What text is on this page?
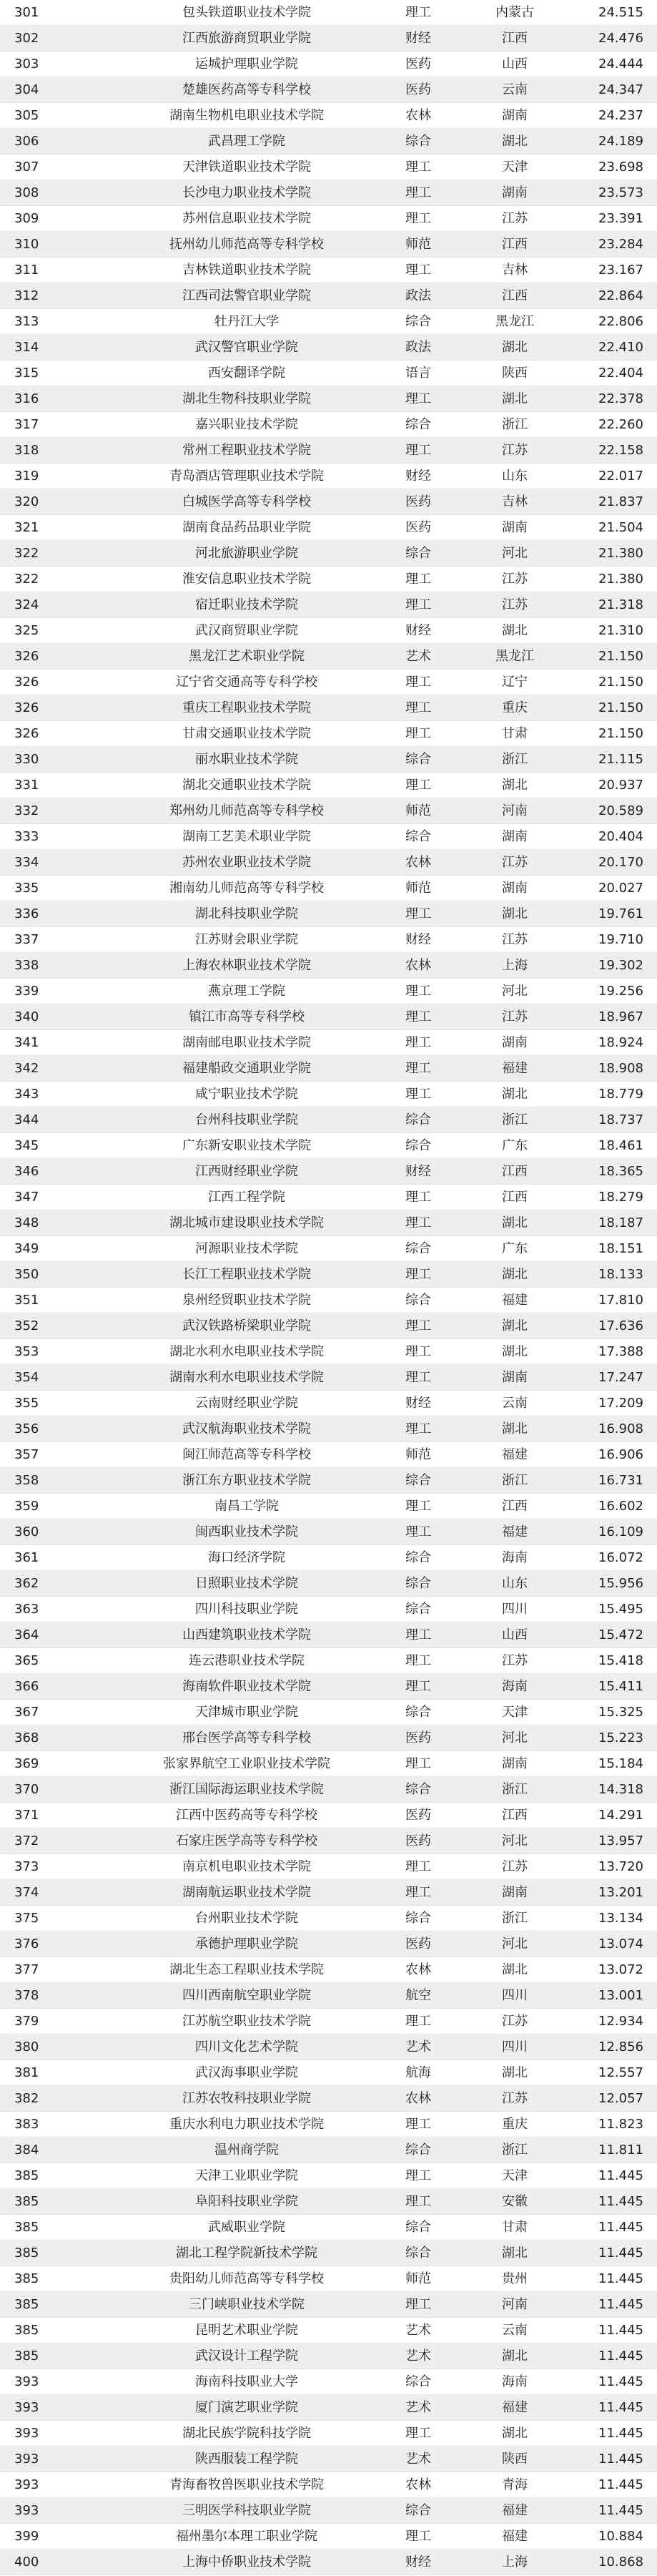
301	包头铁道职业技术学院	理工	内蒙古	24.515
302	江西旅游商贸职业学院	财经	江西	24.476
303	运城护理职业学院	医药	山西	24.444
304	楚雄医药高等专科学校	医药	云南	24.347
305	湖南生物机电职业技术学院	农林	湖南	24.237
306	武昌理工学院	综合	湖北	24.189
307	天津铁道职业技术学院	理工	天津	23.698
308	长沙电力职业技术学院	理工	湖南	23.573
309	苏州信息职业技术学院	理工	江苏	23.391
310	抚州幼儿师范高等专科学校	师范	江西	23.284
311	吉林铁道职业技术学院	理工	吉林	23.167
312	江西司法警官职业学院	政法	江西	22.864
313	牡丹江大学	综合	黑龙江	22.806
314	武汉警官职业学院	政法	湖北	22.410
315	西安翻译学院	语言	陕西	22.404
316	湖北生物科技职业学院	理工	湖北	22.378
317	嘉兴职业技术学院	综合	浙江	22.260
318	常州工程职业技术学院	理工	江苏	22.158
319	青岛酒店管理职业技术学院	财经	山东	22.017
320	白城医学高等专科学校	医药	吉林	21.837
321	湖南食品药品职业学院	医药	湖南	21.504
322	河北旅游职业学院	综合	河北	21.380
322	淮安信息职业技术学院	理工	江苏	21.380
324	宿迁职业技术学院	理工	江苏	21.318
325	武汉商贸职业学院	财经	湖北	21.310
326	黑龙江艺术职业学院	艺术	黑龙江	21.150
326	辽宁省交通高等专科学校	理工	辽宁	21.150
326	重庆工程职业技术学院	理工	重庆	21.150
326	甘肃交通职业技术学院	理工	甘肃	21.150
330	丽水职业技术学院	综合	浙江	21.115
331	湖北交通职业技术学院	理工	湖北	20.937
332	郑州幼儿师范高等专科学校	师范	河南	20.589
333	湖南工艺美术职业学院	综合	湖南	20.404
334	苏州农业职业技术学院	农林	江苏	20.170
335	湘南幼儿师范高等专科学校	师范	湖南	20.027
336	湖北科技职业学院	理工	湖北	19.761
337	江苏财会职业学院	财经	江苏	19.710
338	上海农林职业技术学院	农林	上海	19.302
339	燕京理工学院	理工	河北	19.256
340	镇江市高等专科学校	理工	江苏	18.967
341	湖南邮电职业技术学院	理工	湖南	18.924
342	福建船政交通职业学院	理工	福建	18.908
343	咸宁职业技术学院	理工	湖北	18.779
344	台州科技职业学院	综合	浙江	18.737
345	广东新安职业技术学院	综合	广东	18.461
346	江西财经职业学院	财经	江西	18.365
347	江西工程学院	理工	江西	18.279
348	湖北城市建设职业技术学院	理工	湖北	18.187
349	河源职业技术学院	综合	广东	18.151
350	长江工程职业技术学院	理工	湖北	18.133
351	泉州经贸职业技术学院	综合	福建	17.810
352	武汉铁路桥梁职业学院	理工	湖北	17.636
353	湖北水利水电职业技术学院	理工	湖北	17.388
354	湖南水利水电职业技术学院	理工	湖南	17.247
355	云南财经职业学院	财经	云南	17.209
356	武汉航海职业技术学院	理工	湖北	16.908
357	闽江师范高等专科学校	师范	福建	16.906
358	浙江东方职业技术学院	综合	浙江	16.731
359	南昌工学院	理工	江西	16.602
360	闽西职业技术学院	理工	福建	16.109
361	海口经济学院	综合	海南	16.072
362	日照职业技术学院	综合	山东	15.956
363	四川科技职业学院	综合	四川	15.495
364	山西建筑职业技术学院	理工	山西	15.472
365	连云港职业技术学院	理工	江苏	15.418
366	海南软件职业技术学院	理工	海南	15.411
367	天津城市职业学院	综合	天津	15.325
368	邢台医学高等专科学校	医药	河北	15.223
369	张家界航空工业职业技术学院	理工	湖南	15.184
370	浙江国际海运职业技术学院	综合	浙江	14.318
371	江西中医药高等专科学校	医药	江西	14.291
372	石家庄医学高等专科学校	医药	河北	13.957
373	南京机电职业技术学院	理工	江苏	13.720
374	湖南航运职业技术学院	理工	湖南	13.201
375	台州职业技术学院	综合	浙江	13.134
376	承德护理职业学院	医药	河北	13.074
377	湖北生态工程职业技术学院	农林	湖北	13.072
378	四川西南航空职业学院	航空	四川	13.001
379	江苏航空职业技术学院	理工	江苏	12.934
380	四川文化艺术学院	艺术	四川	12.856
381	武汉海事职业学院	航海	湖北	12.557
382	江苏农牧科技职业学院	农林	江苏	12.057
383	重庆水利电力职业技术学院	理工	重庆	11.823
384	温州商学院	综合	浙江	11.811
385	天津工业职业学院	理工	天津	11.445
385	阜阳科技职业学院	理工	安徽	11.445
385	武威职业学院	综合	甘肃	11.445
385	湖北工程学院新技术学院	综合	湖北	11.445
385	贵阳幼儿师范高等专科学校	师范	贵州	11.445
385	三门峡职业技术学院	理工	河南	11.445
385	昆明艺术职业学院	艺术	云南	11.445
385	武汉设计工程学院	艺术	湖北	11.445
393	海南科技职业大学	综合	海南	11.445
393	厦门演艺职业学院	艺术	福建	11.445
393	湖北民族学院科技学院	理工	湖北	11.445
393	陕西服装工程学院	艺术	陕西	11.445
393	青海畜牧兽医职业技术学院	农林	青海	11.445
393	三明医学科技职业学院	综合	福建	11.445
399	福州墨尔本理工职业学院	理工	福建	10.884
400	上海中侨职业技术学院	财经	上海	10.868
